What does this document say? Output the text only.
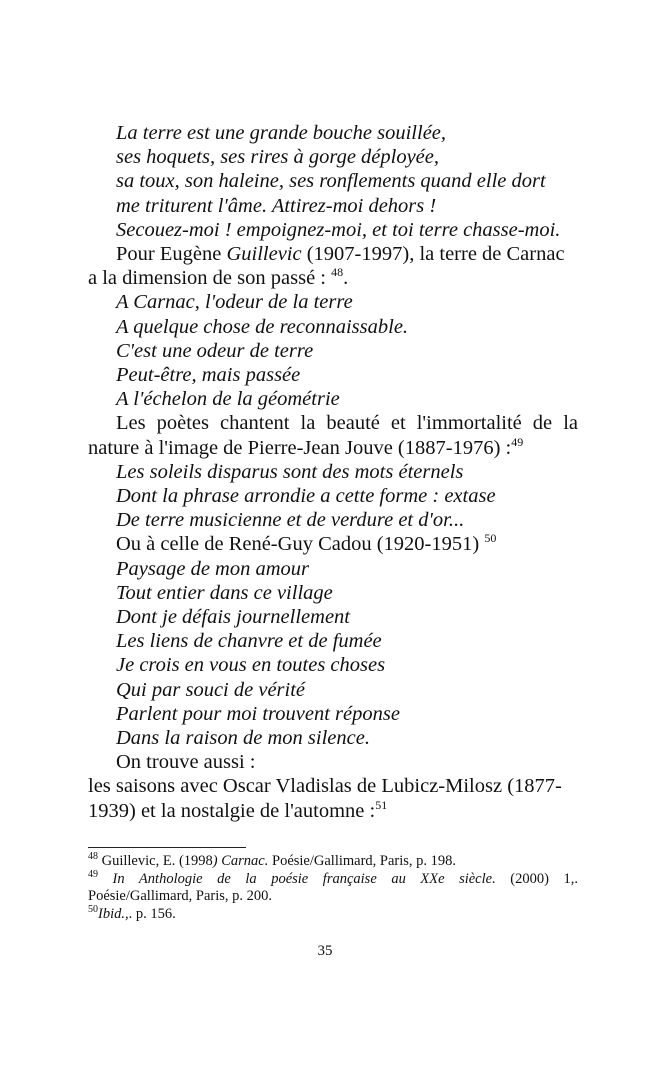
La terre est une grande bouche souillée,
ses hoquets, ses rires à gorge déployée,
sa toux, son haleine, ses ronflements quand elle dort
me triturent l'âme. Attirez-moi dehors !
Secouez-moi ! empoignez-moi, et toi terre chasse-moi.
Pour Eugène Guillevic (1907-1997), la terre de Carnac
a la dimension de son passé : $^{48}$.
A Carnac, l'odeur de la terre
A quelque chose de reconnaissable.
C'est une odeur de terre
Peut-être, mais passée
A l'échelon de la géométrie
Les poètes chantent la beauté et l'immortalité de la
nature à l'image de Pierre-Jean Jouve (1887-1976) :$^{49}$
Les soleils disparus sont des mots éternels
Dont la phrase arrondie a cette forme : extase
De terre musicienne et de verdure et d'or...
Ou à celle de René-Guy Cadou (1920-1951) $^{50}$
Paysage de mon amour
Tout entier dans ce village
Dont je défais journellement
Les liens de chanvre et de fumée
Je crois en vous en toutes choses
Qui par souci de vérité
Parlent pour moi trouvent réponse
Dans la raison de mon silence.
On trouve aussi :
les saisons avec Oscar Vladislas de Lubicz-Milosz (1877-
1939) et la nostalgie de l'automne :$^{51}$
$^{48}$ Guillevic, E. (1998) Carnac. Poésie/Gallimard, Paris, p. 198.
$^{49}$ In Anthologie de la poésie française au XXe siècle. (2000) 1,.
Poésie/Gallimard, Paris, p. 200.
$^{50}$Ibid.,. p. 156.
35
